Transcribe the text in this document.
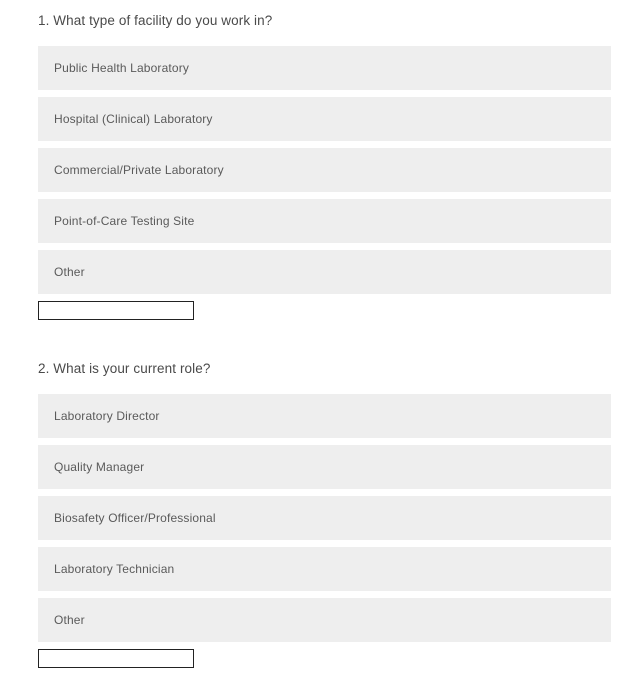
1. What type of facility do you work in?
Public Health Laboratory
Hospital (Clinical) Laboratory
Commercial/Private Laboratory
Point-of-Care Testing Site
Other
2. What is your current role?
Laboratory Director
Quality Manager
Biosafety Officer/Professional
Laboratory Technician
Other
